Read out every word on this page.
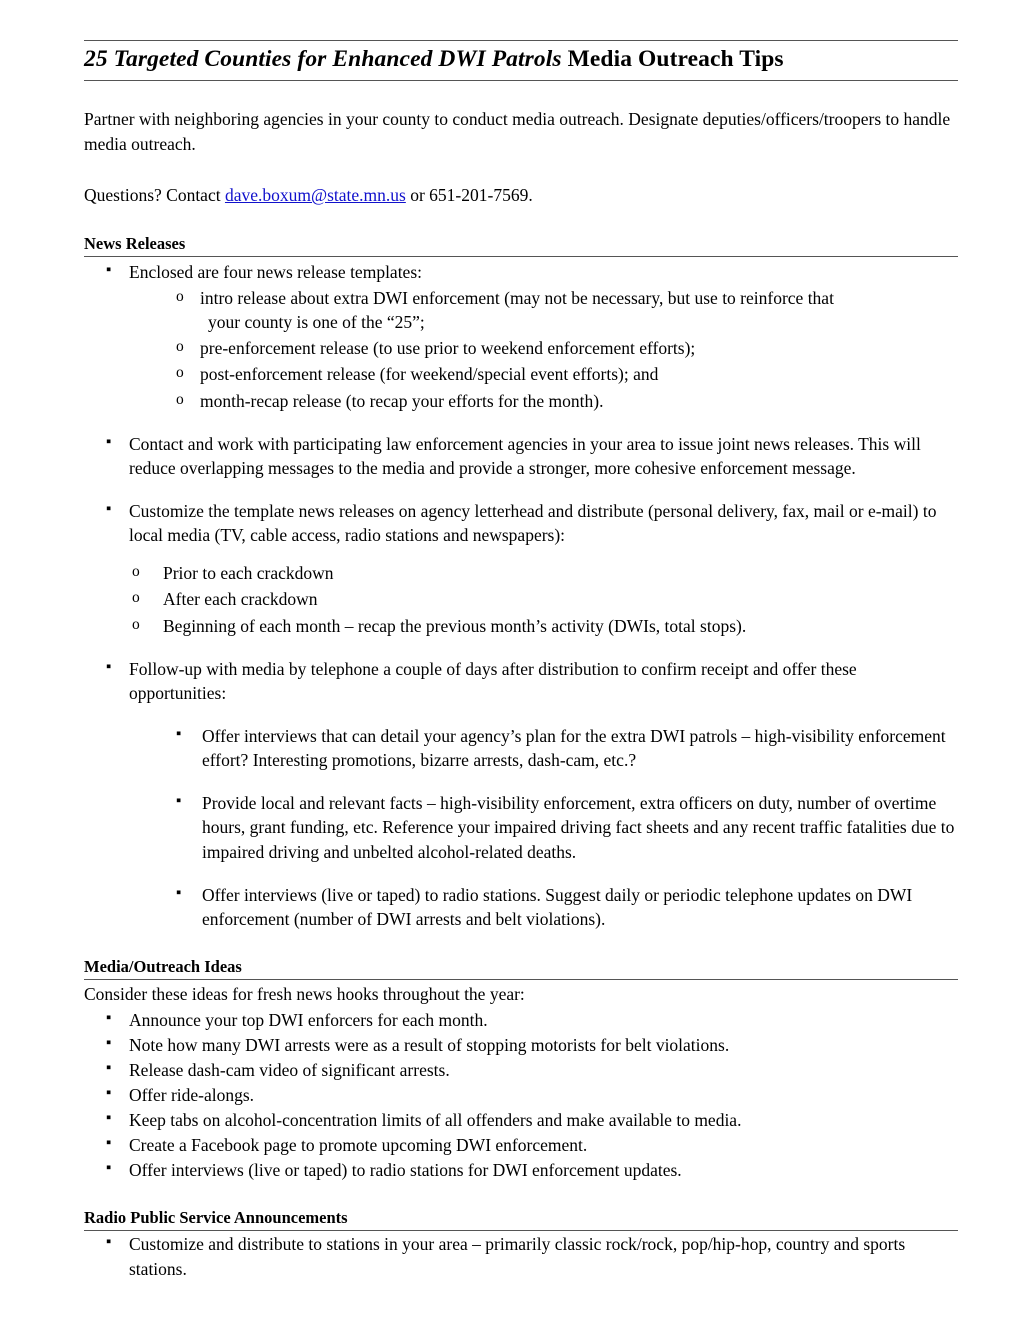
25 Targeted Counties for Enhanced DWI Patrols Media Outreach Tips

Partner with neighboring agencies in your county to conduct media outreach. Designate deputies/officers/troopers to handle media outreach.

Questions? Contact dave.boxum@state.mn.us or 651-201-7569.

News Releases
▪ Enclosed are four news release templates:
o intro release about extra DWI enforcement (may not be necessary, but use to reinforce that
your county is one of the “25”;
o pre-enforcement release (to use prior to weekend enforcement efforts);
o post-enforcement release (for weekend/special event efforts); and
o month-recap release (to recap your efforts for the month).
▪ Contact and work with participating law enforcement agencies in your area to issue joint news releases. This will reduce overlapping messages to the media and provide a stronger, more cohesive enforcement message.
▪ Customize the template news releases on agency letterhead and distribute (personal delivery, fax, mail or e-mail) to local media (TV, cable access, radio stations and newspapers):
o Prior to each crackdown
o After each crackdown
o Beginning of each month – recap the previous month’s activity (DWIs, total stops).
▪ Follow-up with media by telephone a couple of days after distribution to confirm receipt and offer these opportunities:
▪ Offer interviews that can detail your agency’s plan for the extra DWI patrols – high-visibility enforcement effort? Interesting promotions, bizarre arrests, dash-cam, etc.?
▪ Provide local and relevant facts – high-visibility enforcement, extra officers on duty, number of overtime hours, grant funding, etc. Reference your impaired driving fact sheets and any recent traffic fatalities due to impaired driving and unbelted alcohol-related deaths.
▪ Offer interviews (live or taped) to radio stations. Suggest daily or periodic telephone updates on DWI enforcement (number of DWI arrests and belt violations).
Media/Outreach Ideas

Consider these ideas for fresh news hooks throughout the year:

▪ Announce your top DWI enforcers for each month.
▪ Note how many DWI arrests were as a result of stopping motorists for belt violations.
▪ Release dash-cam video of significant arrests.
▪ Offer ride-alongs.
▪ Keep tabs on alcohol-concentration limits of all offenders and make available to media.
▪ Create a Facebook page to promote upcoming DWI enforcement.
▪ Offer interviews (live or taped) to radio stations for DWI enforcement updates.
Radio Public Service Announcements
▪ Customize and distribute to stations in your area – primarily classic rock/rock, pop/hip-hop, country and sports stations.
